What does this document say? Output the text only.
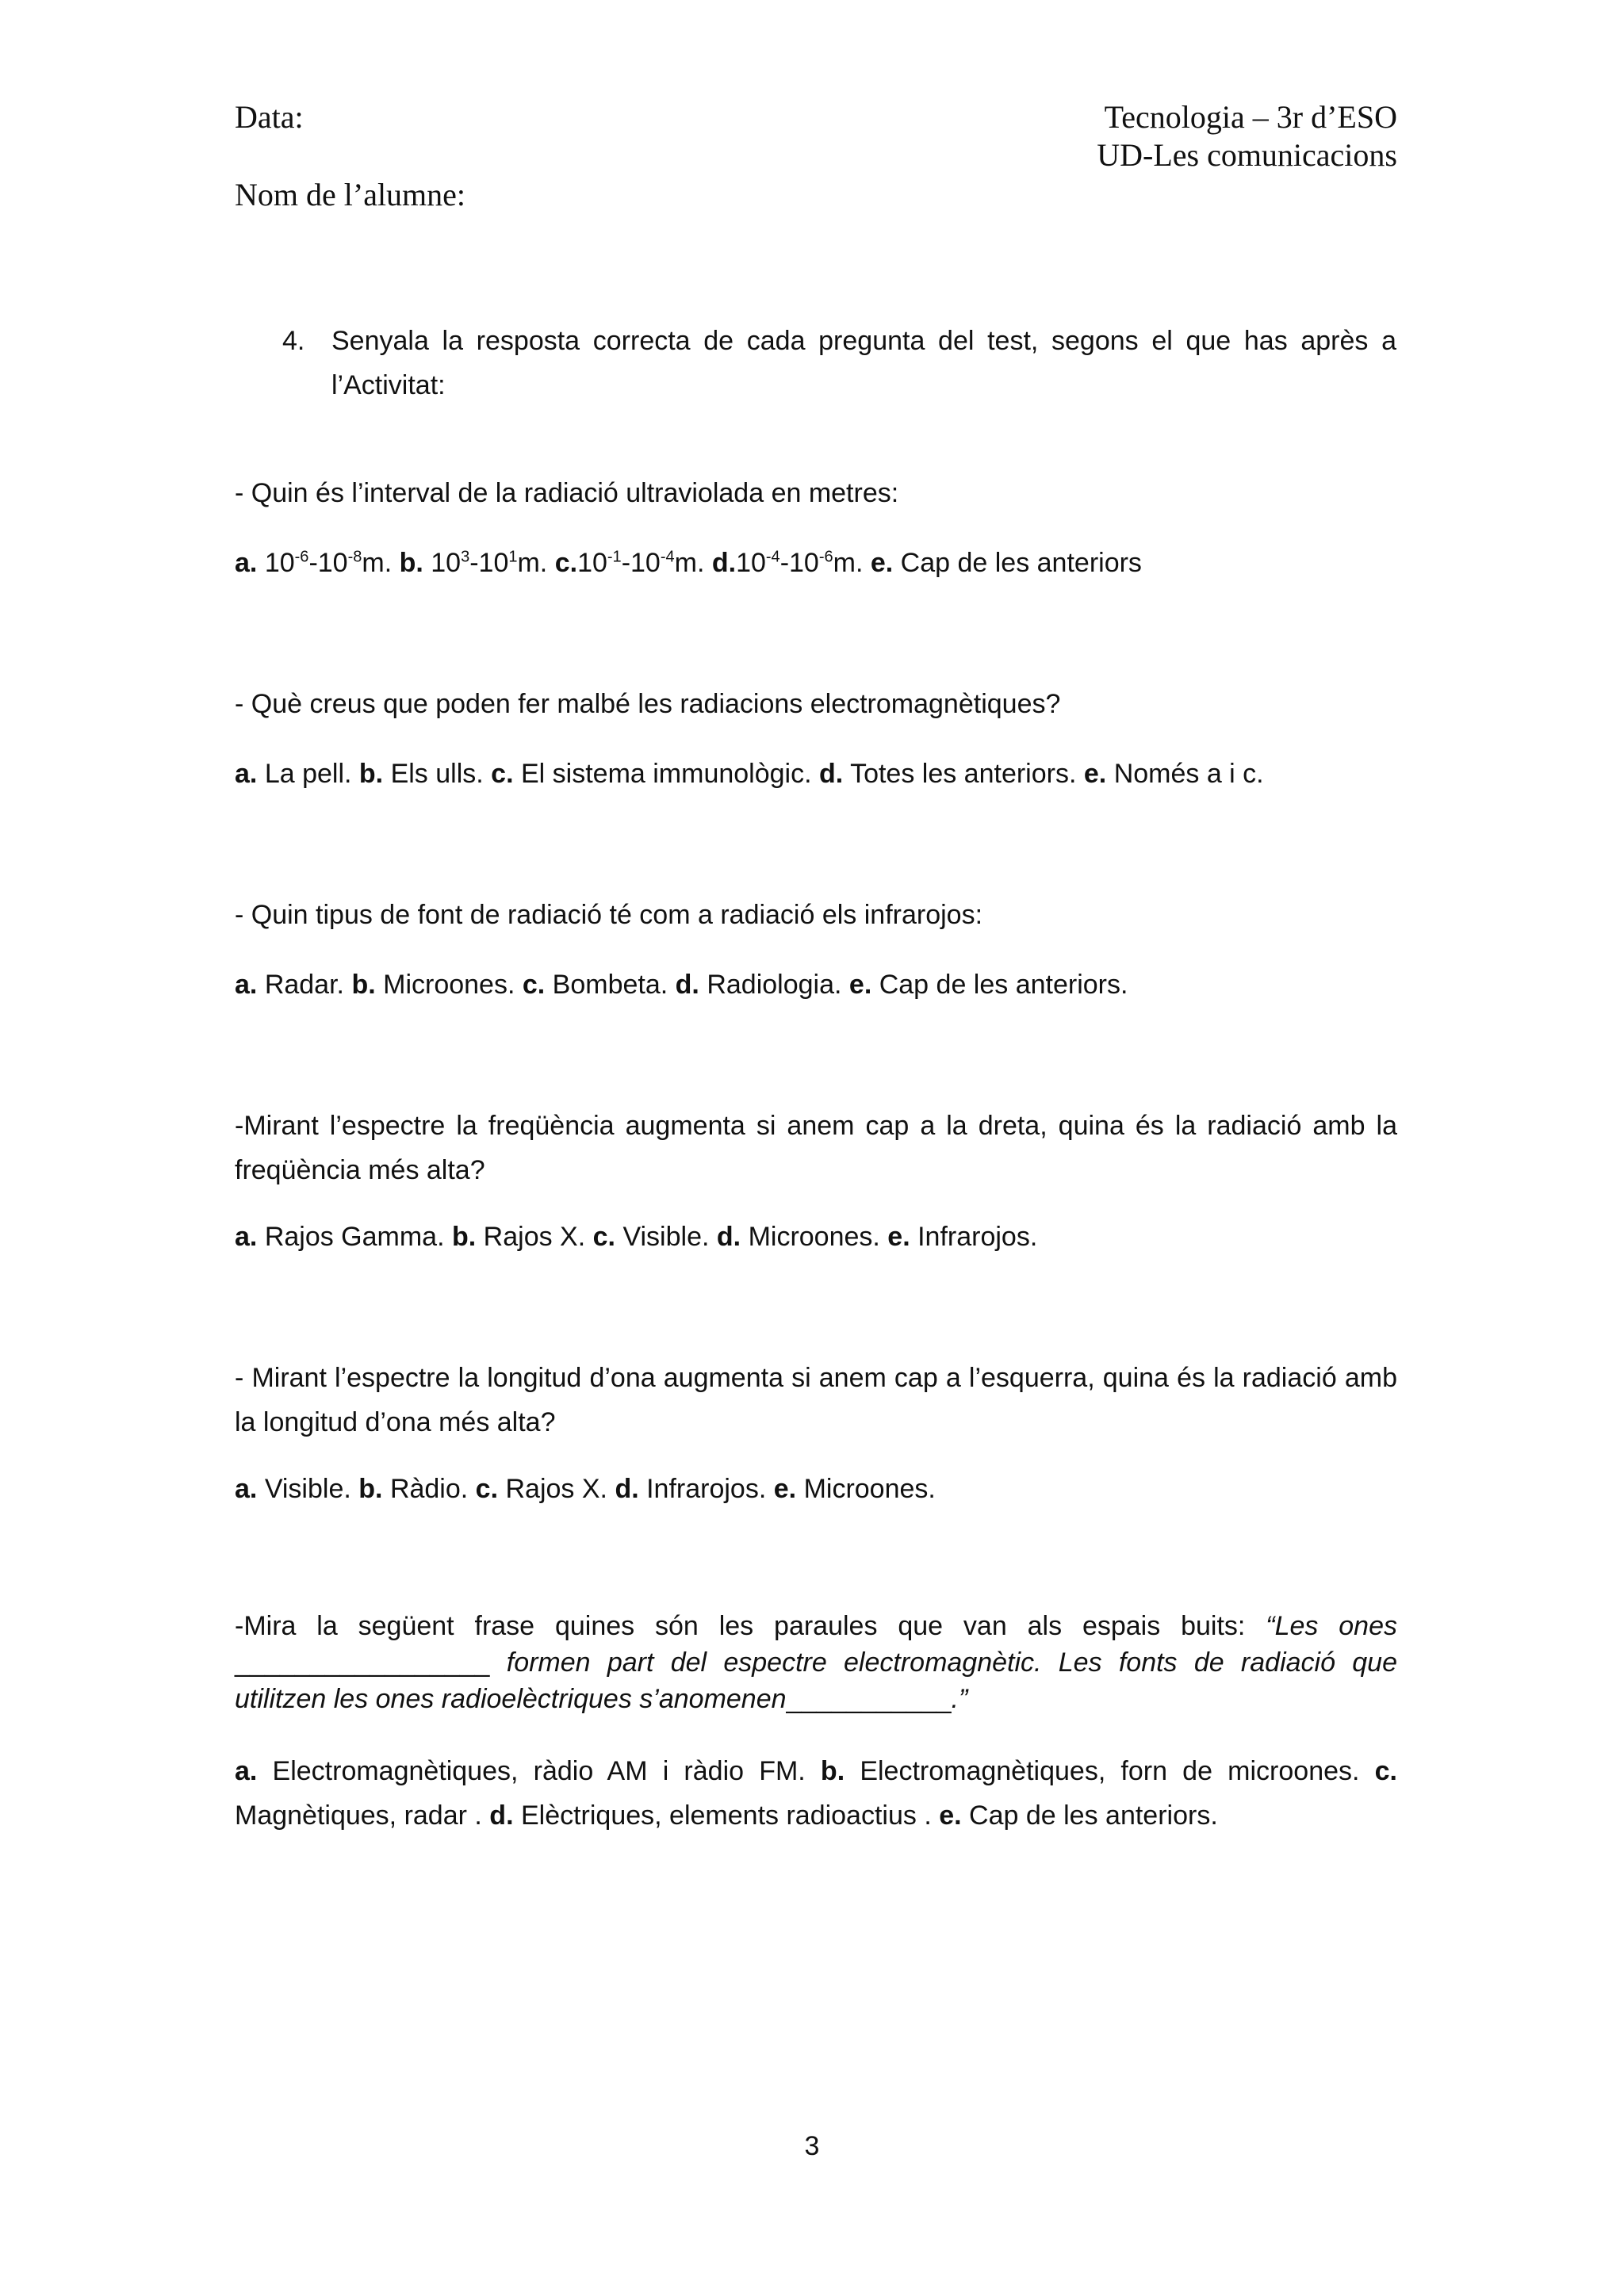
Data:	Tecnologia – 3r d’ESO
UD-Les comunicacions
Nom de l’alumne:
4. Senyala la resposta correcta de cada pregunta del test, segons el que has après a l’Activitat:
- Quin és l’interval de la radiació ultraviolada en metres:
a. $10^{-6}-10^{-8}m$. b. $10^3-10^1m$. $c.10^{-1}-10^{-4}m$. $d.10^{-4}-10^{-6}m$. e. Cap de les anteriors
- Què creus que poden fer malbé les radiacions electromagnètiques?
a. La pell. b. Els ulls. c. El sistema immunològic. d. Totes les anteriors. e. Només a i c.
- Quin tipus de font de radiació té com a radiació els infrarojos:
a. Radar. b. Microones. c. Bombeta. d. Radiologia. e. Cap de les anteriors.
-Mirant l’espectre la freqüència augmenta si anem cap a la dreta, quina és la radiació amb la freqüència més alta?
a. Rajos Gamma. b. Rajos X. c. Visible. d. Microones. e. Infrarojos.
- Mirant l’espectre la longitud d’ona augmenta si anem cap a l’esquerra, quina és la radiació amb la longitud d’ona més alta?
a. Visible. b. Ràdio. c. Rajos X. d. Infrarojos. e. Microones.
-Mira la següent frase quines són les paraules que van als espais buits: “Les ones _________________ formen part del espectre electromagnètic. Les fonts de radiació que utilitzen les ones radioelèctriques s’anomenen___________.”
a. Electromagnètiques, ràdio AM i ràdio FM. b. Electromagnètiques, forn de microones. c. Magnètiques, radar . d. Elèctriques, elements radioactius . e. Cap de les anteriors.
3
